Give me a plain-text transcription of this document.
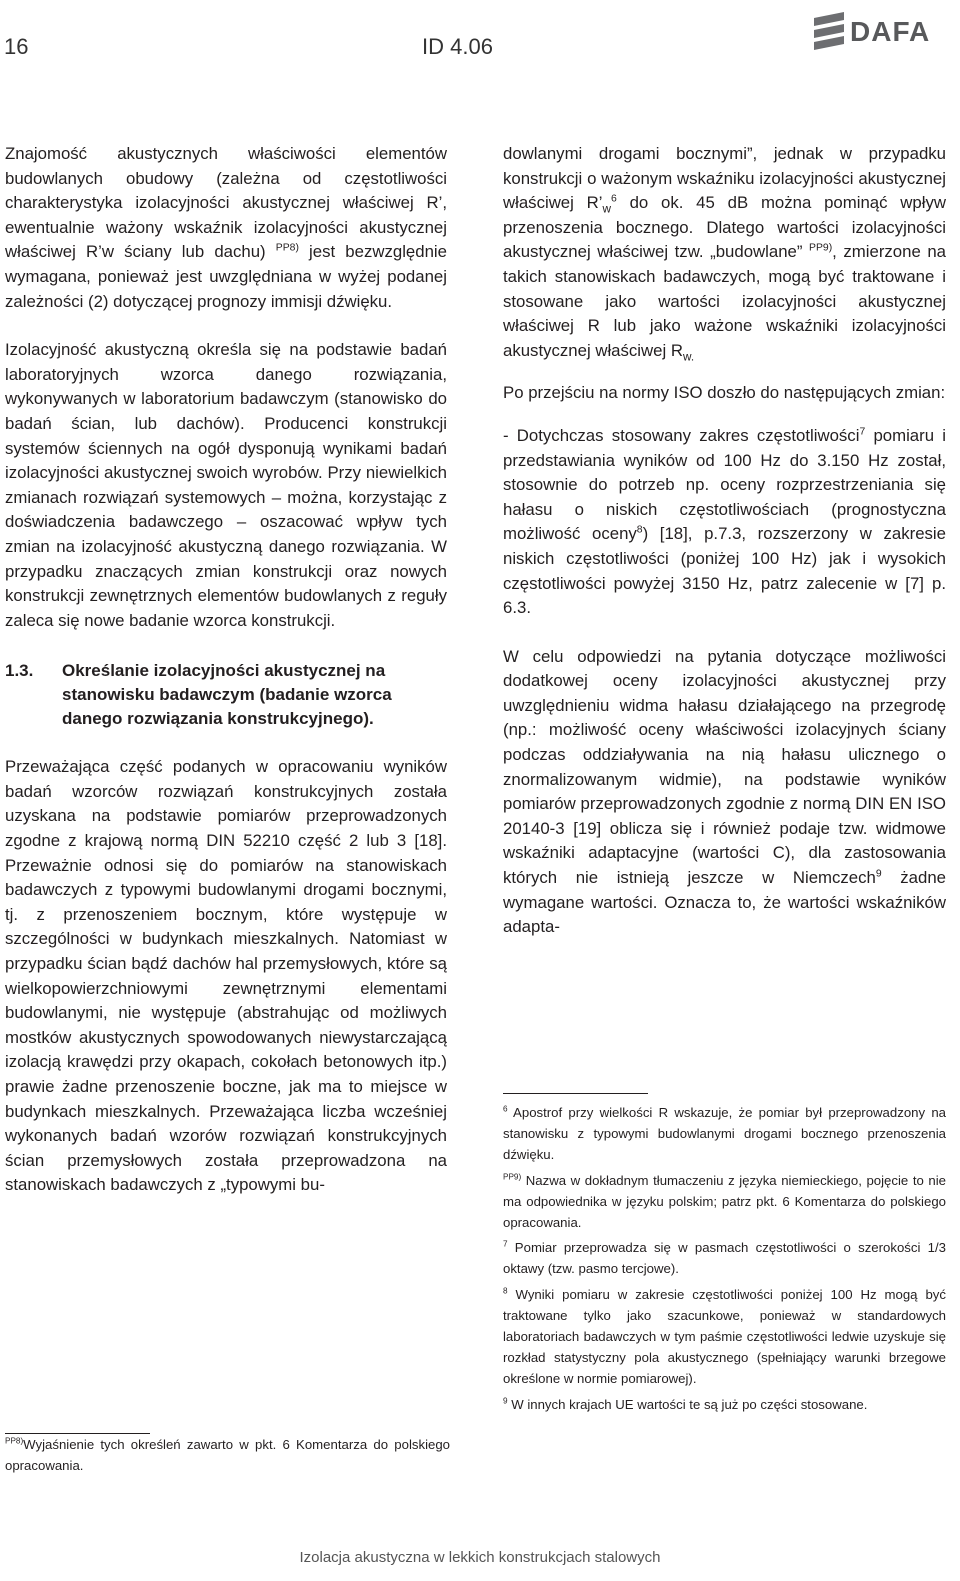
16	ID 4.06	DAFA

Znajomość akustycznych właściwości elementów budowlanych obudowy (zależna od częstotliwości charakterystyka izolacyjności akustycznej właściwej R’, ewentualnie ważony wskaźnik izolacyjności akustycznej właściwej R’w ściany lub dachu) $^{PP8)}$ jest bezwzględnie wymagana, ponieważ jest uwzględniana w wyżej podanej zależności (2) dotyczącej prognozy immisji dźwięku.

Izolacyjność akustyczną określa się na podstawie badań laboratoryjnych wzorca danego rozwiązania, wykonywanych w laboratorium badawczym (stanowisko do badań ścian, lub dachów). Producenci konstrukcji systemów ściennych na ogół dysponują wynikami badań izolacyjności akustycznej swoich wyrobów. Przy niewielkich zmianach rozwiązań systemowych – można, korzystając z doświadczenia badawczego – oszacować wpływ tych zmian na izolacyjność akustyczną danego rozwiązania. W przypadku znaczących zmian konstrukcji oraz nowych konstrukcji zewnętrznych elementów budowlanych z reguły zaleca się nowe badanie wzorca konstrukcji.

1.3.	Określanie izolacyjności akustycznej na stanowisku badawczym (badanie wzorca danego rozwiązania konstrukcyjnego).

Przeważająca część podanych w opracowaniu wyników badań wzorców rozwiązań konstrukcyjnych została uzyskana na podstawie pomiarów przeprowadzonych zgodne z krajową normą DIN 52210 część 2 lub 3 [18]. Przeważnie odnosi się do pomiarów na stanowiskach badawczych z typowymi budowlanymi drogami bocznymi, tj. z przenoszeniem bocznym, które występuje w szczególności w budynkach mieszkalnych. Natomiast w przypadku ścian bądź dachów hal przemysłowych, które są wielkopowierzchniowymi zewnętrznymi elementami budowlanymi, nie występuje (abstrahując od możliwych mostków akustycznych spowodowanych niewystarczającą izolacją krawędzi przy okapach, cokołach betonowych itp.) prawie żadne przenoszenie boczne, jak ma to miejsce w budynkach mieszkalnych. Przeważająca liczba wcześniej wykonanych badań wzorów rozwiązań konstrukcyjnych ścian przemysłowych została przeprowadzona na stanowiskach badawczych z „typowymi bu-

$^{PP8)}$Wyjaśnienie tych określeń zawarto w pkt. 6 Komentarza do polskiego opracowania.

dowlanymi drogami bocznymi”, jednak w przypadku konstrukcji o ważonym wskaźniku izolacyjności akustycznej właściwej $R’_w^6$ do ok. 45 dB można pominąć wpływ przenoszenia bocznego. Dlatego wartości izolacyjności akustycznej właściwej tzw. „budowlane” $^{PP9)}$, zmierzone na takich stanowiskach badawczych, mogą być traktowane i stosowane jako wartości izolacyjności akustycznej właściwej R lub jako ważone wskaźniki izolacyjności akustycznej właściwej $R_{w.}$

Po przejściu na normy ISO doszło do następujących zmian:

- Dotychczas stosowany zakres częstotliwości$^7$ pomiaru i przedstawiania wyników od 100 Hz do 3.150 Hz został, stosownie do potrzeb np. oceny rozprzestrzeniania się hałasu o niskich częstotliwościach (prognostyczna możliwość oceny$^8$) [18], p.7.3, rozszerzony w zakresie niskich częstotliwości (poniżej 100 Hz) jak i wysokich częstotliwości powyżej 3150 Hz, patrz zalecenie w [7] p. 6.3.

W celu odpowiedzi na pytania dotyczące możliwości dodatkowej oceny izolacyjności akustycznej przy uwzględnieniu widma hałasu działającego na przegrodę (np.: możliwość oceny właściwości izolacyjnych ściany podczas oddziaływania na nią hałasu ulicznego o znormalizowanym widmie), na podstawie wyników pomiarów przeprowadzonych zgodnie z normą DIN EN ISO 20140-3 [19] oblicza się i również podaje tzw. widmowe wskaźniki adaptacyjne (wartości C), dla zastosowania których nie istnieją jeszcze w Niemczech$^9$ żadne wymagane wartości. Oznacza to, że wartości wskaźników adapta-

$^6$ Apostrof przy wielkości R wskazuje, że pomiar był przeprowadzony na stanowisku z typowymi budowlanymi drogami bocznego przenoszenia dźwięku.

$^{PP9)}$ Nazwa w dokładnym tłumaczeniu z języka niemieckiego, pojęcie to nie ma odpowiednika w języku polskim; patrz pkt. 6 Komentarza do polskiego opracowania.

$^7$ Pomiar przeprowadza się w pasmach częstotliwości o szerokości 1/3 oktawy (tzw. pasmo tercjowe).

$^8$ Wyniki pomiaru w zakresie częstotliwości poniżej 100 Hz mogą być traktowane tylko jako szacunkowe, ponieważ w standardowych laboratoriach badawczych w tym paśmie częstotliwości ledwie uzyskuje się rozkład statystyczny pola akustycznego (spełniający warunki brzegowe określone w normie pomiarowej).

$^9$ W innych krajach UE wartości te są już po części stosowane.

Izolacja akustyczna w lekkich konstrukcjach stalowych
